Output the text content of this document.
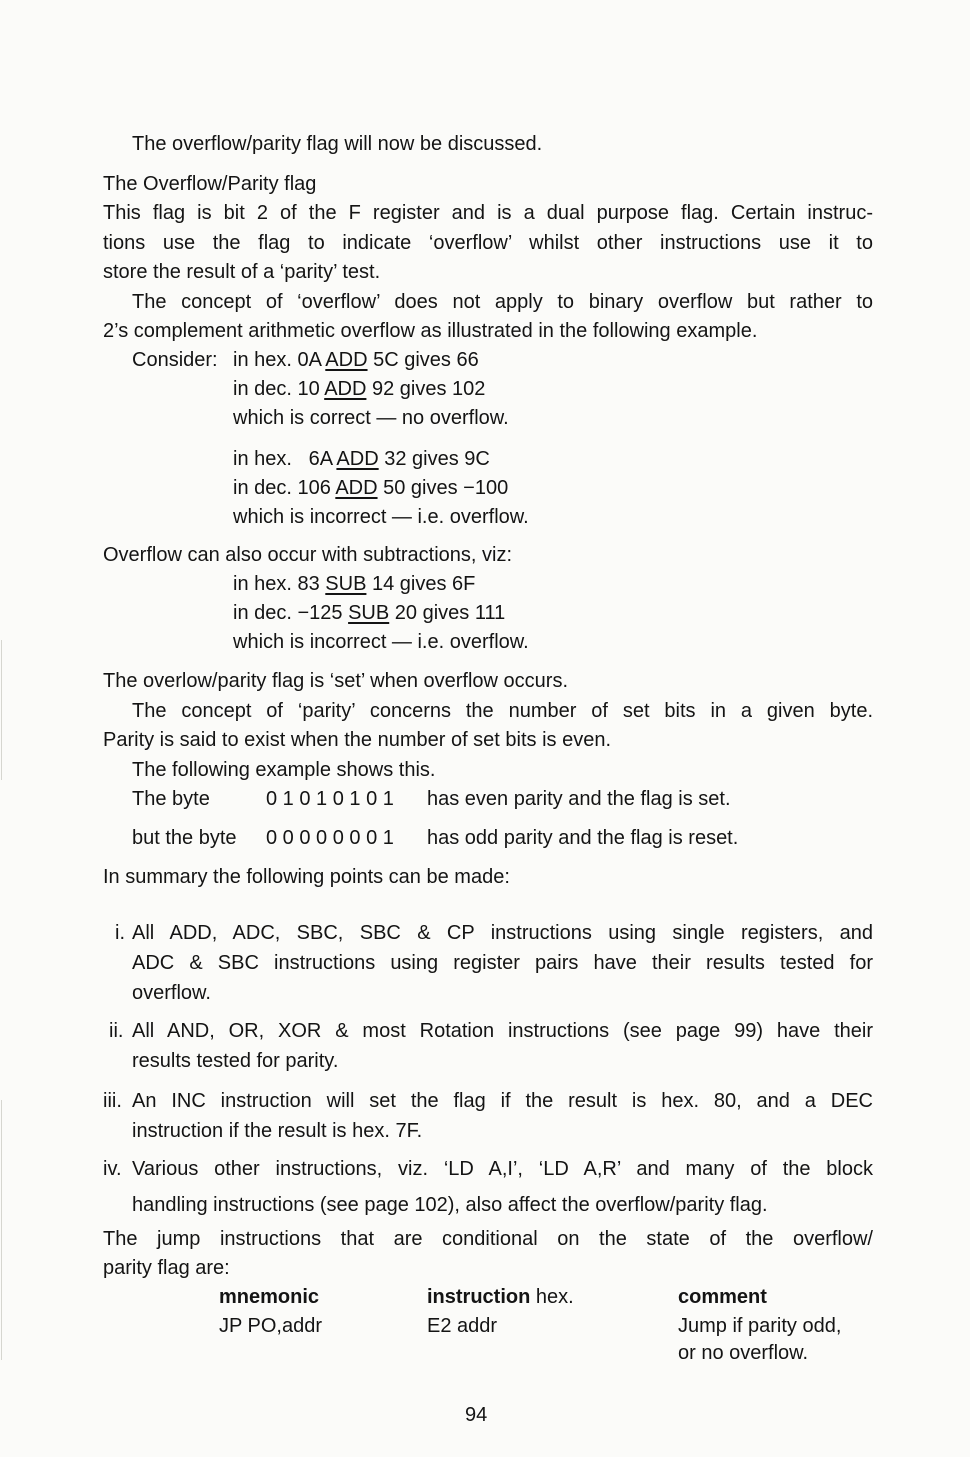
The overflow/parity flag will now be discussed.
The Overflow/Parity flag
This flag is bit 2 of the F register and is a dual purpose flag. Certain instruc-
tions use the flag to indicate ‘overflow’ whilst other instructions use it to
store the result of a ‘parity’ test.
The concept of ‘overflow’ does not apply to binary overflow but rather to
2’s complement arithmetic overflow as illustrated in the following example.
Consider: in hex. 0A ADD 5C gives 66
in dec. 10 ADD 92 gives 102
which is correct — no overflow.
in hex.   6A ADD 32 gives 9C
in dec. 106 ADD 50 gives −100
which is incorrect — i.e. overflow.
Overflow can also occur with subtractions, viz:
in hex. 83 SUB 14 gives 6F
in dec. −125 SUB 20 gives 111
which is incorrect — i.e. overflow.
The overlow/parity flag is ‘set’ when overflow occurs.
The concept of ‘parity’ concerns the number of set bits in a given byte.
Parity is said to exist when the number of set bits is even.
The following example shows this.
The byte	0 1 0 1 0 1 0 1 has even parity and the flag is set.
but the byte 0 0 0 0 0 0 0 1 has odd parity and the flag is reset.
In summary the following points can be made:
i. All ADD, ADC, SBC, SBC & CP instructions using single registers, and
ADC & SBC instructions using register pairs have their results tested for
overflow.
ii. All AND, OR, XOR & most Rotation instructions (see page 99) have their
results tested for parity.
iii. An INC instruction will set the flag if the result is hex. 80, and a DEC
instruction if the result is hex. 7F.
iv. Various other instructions, viz. ‘LD A,I’, ‘LD A,R’ and many of the block
handling instructions (see page 102), also affect the overflow/parity flag.
The jump instructions that are conditional on the state of the overflow/
parity flag are:
mnemonic	instruction hex.	comment
JP PO,addr	E2 addr	Jump if parity odd,
or no overflow.
94
